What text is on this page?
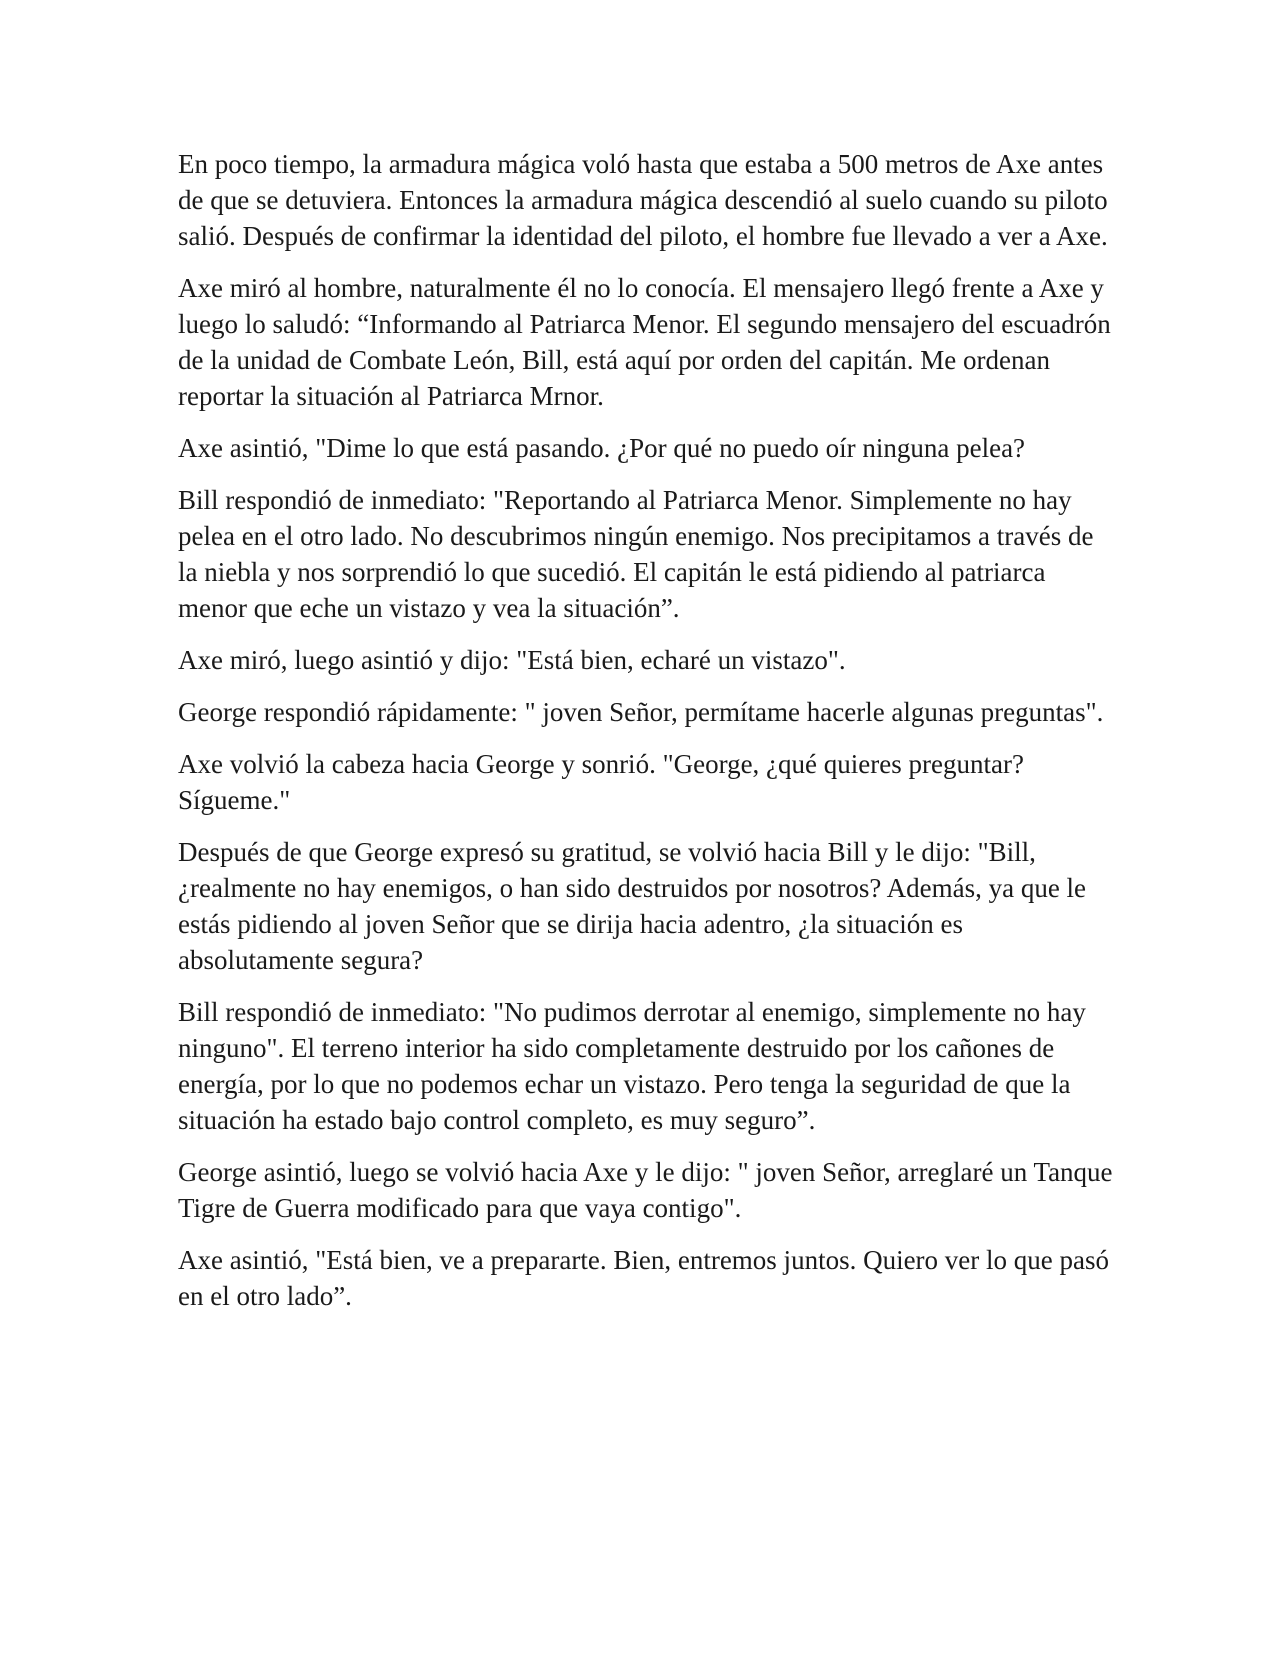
En poco tiempo, la armadura mágica voló hasta que estaba a 500 metros de Axe antes de que se detuviera. Entonces la armadura mágica descendió al suelo cuando su piloto salió. Después de confirmar la identidad del piloto, el hombre fue llevado a ver a Axe.

Axe miró al hombre, naturalmente él no lo conocía. El mensajero llegó frente a Axe y luego lo saludó: “Informando al Patriarca Menor. El segundo mensajero del escuadrón de la unidad de Combate León, Bill, está aquí por orden del capitán. Me ordenan reportar la situación al Patriarca Mrnor.

Axe asintió, "Dime lo que está pasando. ¿Por qué no puedo oír ninguna pelea?

Bill respondió de inmediato: "Reportando al Patriarca Menor. Simplemente no hay pelea en el otro lado. No descubrimos ningún enemigo. Nos precipitamos a través de la niebla y nos sorprendió lo que sucedió. El capitán le está pidiendo al patriarca menor que eche un vistazo y vea la situación”.

Axe miró, luego asintió y dijo: "Está bien, echaré un vistazo".

George respondió rápidamente: " joven Señor, permítame hacerle algunas preguntas".

Axe volvió la cabeza hacia George y sonrió. "George, ¿qué quieres preguntar? Sígueme."

Después de que George expresó su gratitud, se volvió hacia Bill y le dijo: "Bill, ¿realmente no hay enemigos, o han sido destruidos por nosotros? Además, ya que le estás pidiendo al joven Señor que se dirija hacia adentro, ¿la situación es absolutamente segura?

Bill respondió de inmediato: "No pudimos derrotar al enemigo, simplemente no hay ninguno". El terreno interior ha sido completamente destruido por los cañones de energía, por lo que no podemos echar un vistazo. Pero tenga la seguridad de que la situación ha estado bajo control completo, es muy seguro”.

George asintió, luego se volvió hacia Axe y le dijo: " joven Señor, arreglaré un Tanque Tigre de Guerra modificado para que vaya contigo".

Axe asintió, "Está bien, ve a prepararte. Bien, entremos juntos. Quiero ver lo que pasó en el otro lado”.
